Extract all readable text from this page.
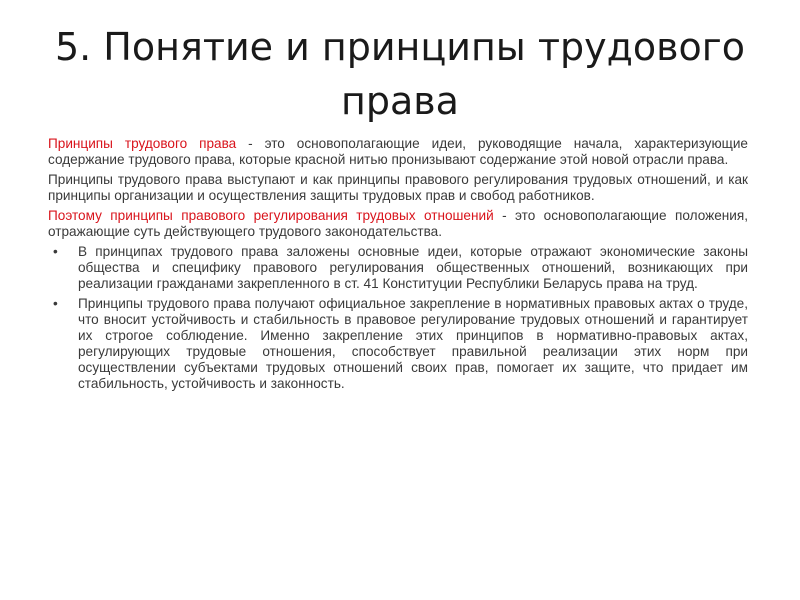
5. Понятие и принципы трудового права

Принципы трудового права - это основополагающие идеи, руководящие начала, характеризующие содержание трудового права, которые красной нитью пронизывают содержание этой новой отрасли права.

Принципы трудового права выступают и как принципы правового регулирования трудовых отношений, и как принципы организации и осуществления защиты трудовых прав и свобод работников.

Поэтому принципы правового регулирования трудовых отношений - это основополагающие положения, отражающие суть действующего трудового законодательства.

• В принципах трудового права заложены основные идеи, которые отражают экономические законы общества и специфику правового регулирования общественных отношений, возникающих при реализации гражданами закрепленного в ст. 41 Конституции Республики Беларусь права на труд.
• Принципы трудового права получают официальное закрепление в нормативных правовых актах о труде, что вносит устойчивость и стабильность в правовое регулирование трудовых отношений и гарантирует их строгое соблюдение. Именно закрепление этих принципов в нормативно-правовых актах, регулирующих трудовые отношения, способствует правильной реализации этих норм при осуществлении субъектами трудовых отношений своих прав, помогает их защите, что придает им стабильность, устойчивость и законность.
